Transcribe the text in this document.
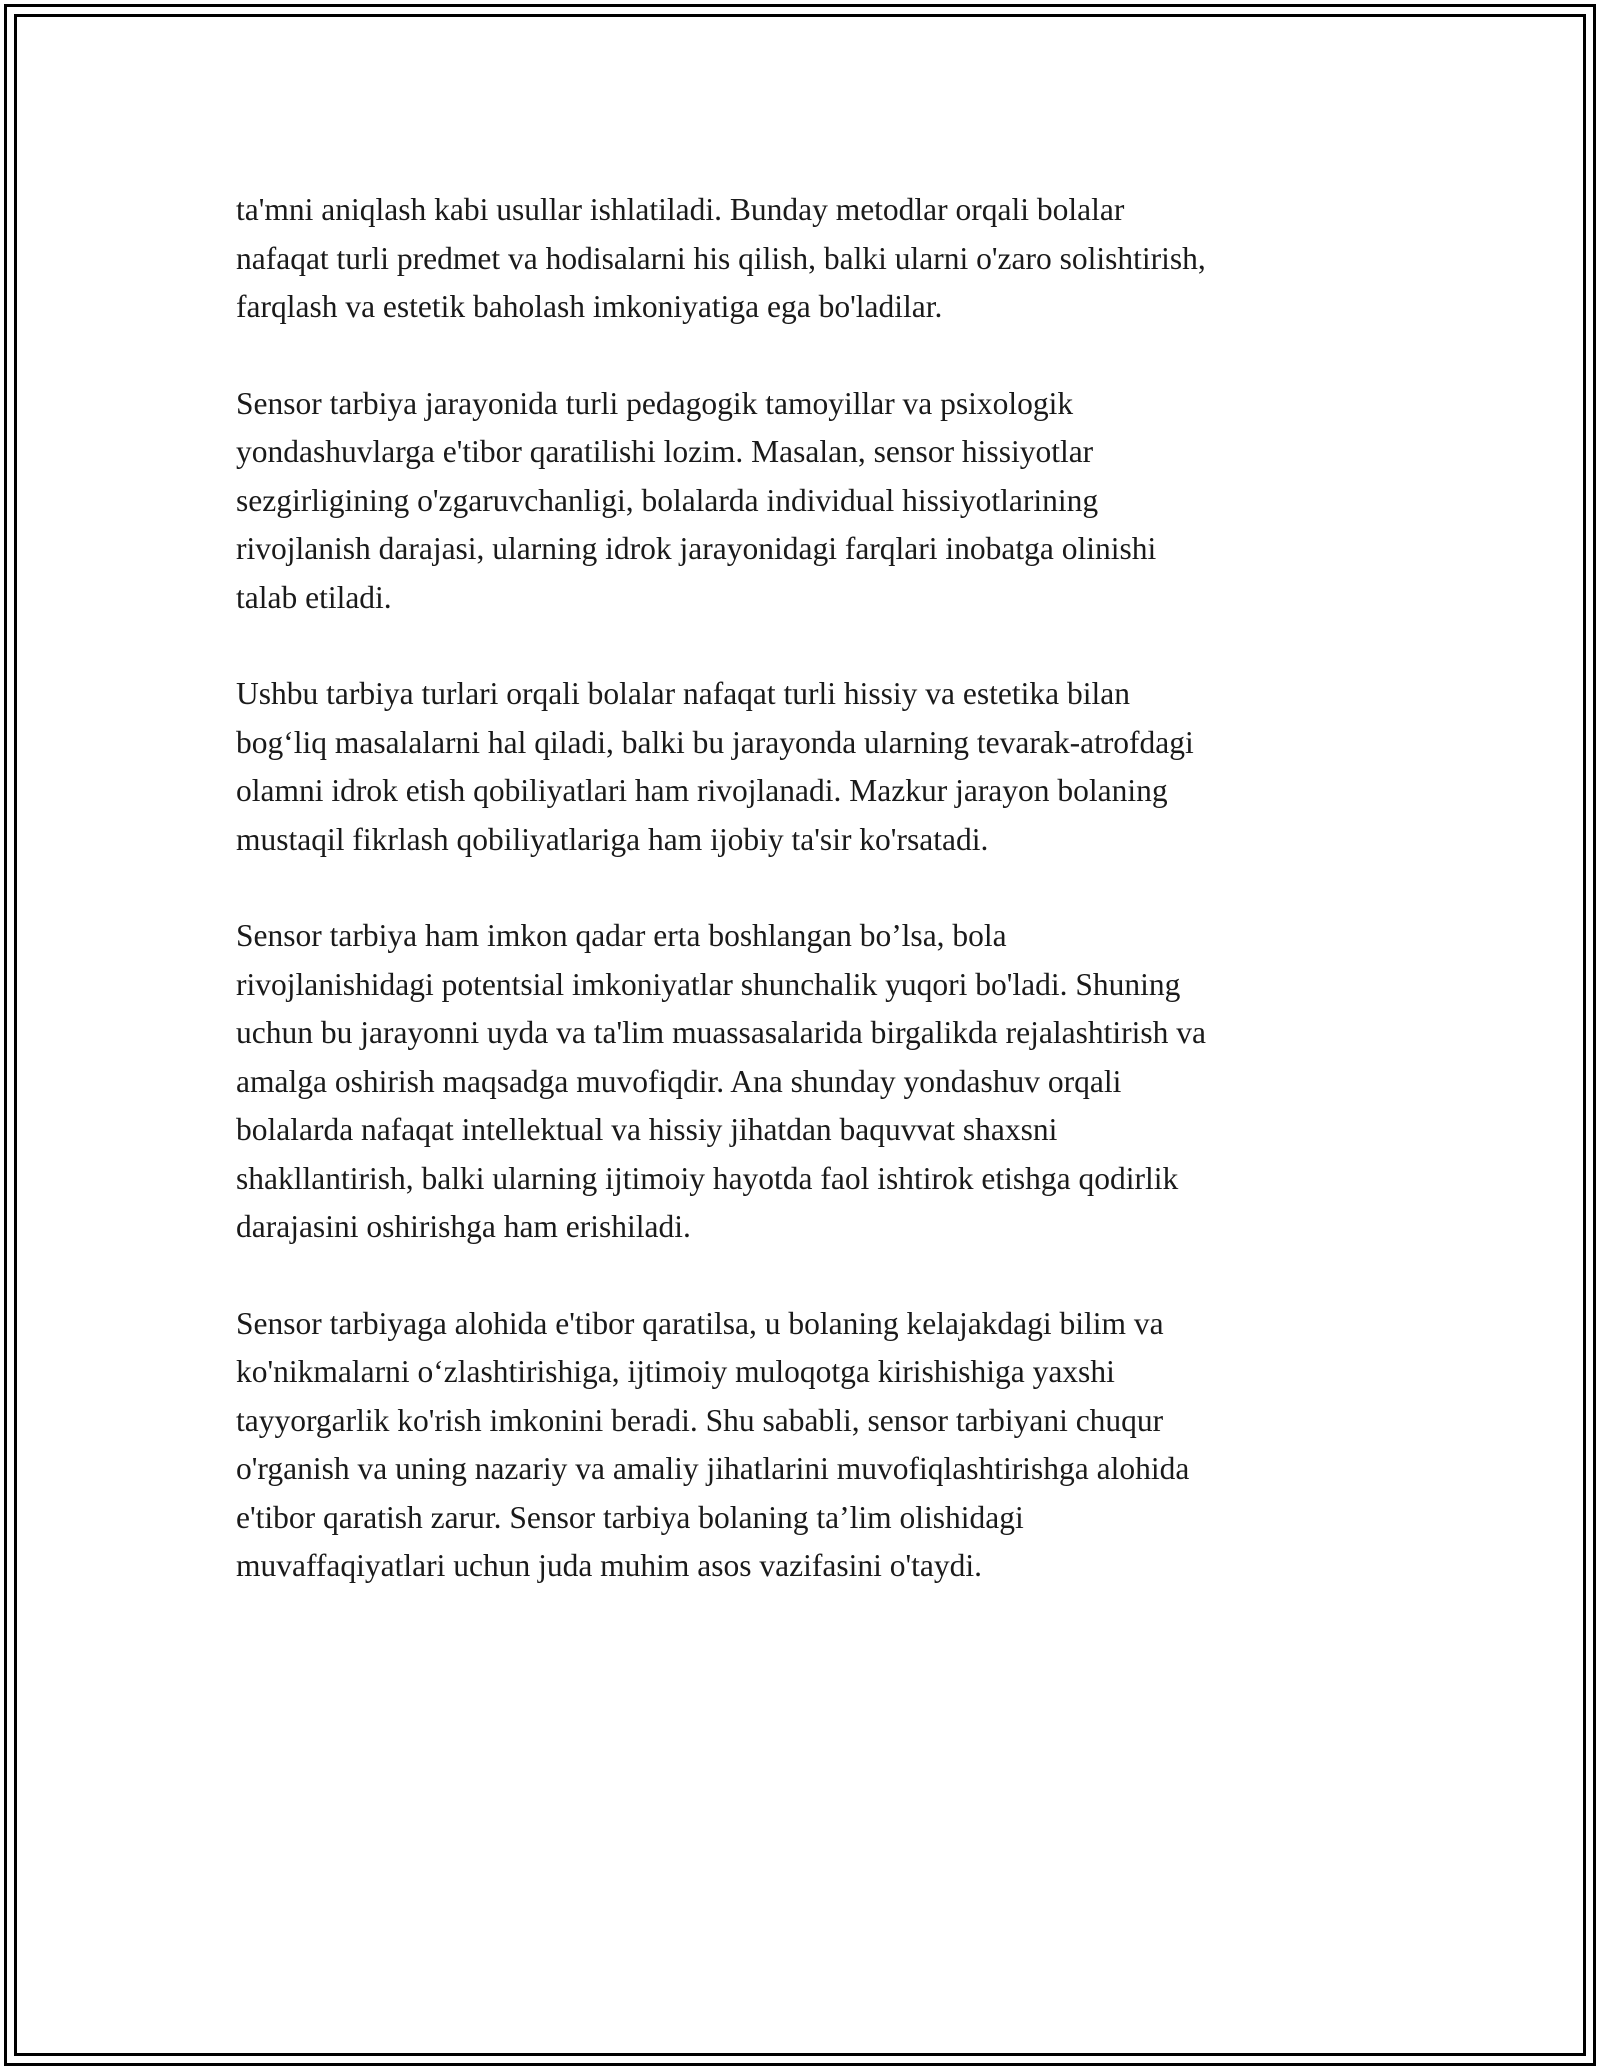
ta'mni aniqlash kabi usullar ishlatiladi. Bunday metodlar orqali bolalar
nafaqat turli predmet va hodisalarni his qilish, balki ularni o'zaro solishtirish,
farqlash va estetik baholash imkoniyatiga ega bo'ladilar.

Sensor tarbiya jarayonida turli pedagogik tamoyillar va psixologik
yondashuvlarga e'tibor qaratilishi lozim. Masalan, sensor hissiyotlar
sezgirligining o'zgaruvchanligi, bolalarda individual hissiyotlarining
rivojlanish darajasi, ularning idrok jarayonidagi farqlari inobatga olinishi
talab etiladi.

Ushbu tarbiya turlari orqali bolalar nafaqat turli hissiy va estetika bilan
bog‘liq masalalarni hal qiladi, balki bu jarayonda ularning tevarak-atrofdagi
olamni idrok etish qobiliyatlari ham rivojlanadi. Mazkur jarayon bolaning
mustaqil fikrlash qobiliyatlariga ham ijobiy ta'sir ko'rsatadi.

Sensor tarbiya ham imkon qadar erta boshlangan bo’lsa, bola
rivojlanishidagi potentsial imkoniyatlar shunchalik yuqori bo'ladi. Shuning
uchun bu jarayonni uyda va ta'lim muassasalarida birgalikda rejalashtirish va
amalga oshirish maqsadga muvofiqdir. Ana shunday yondashuv orqali
bolalarda nafaqat intellektual va hissiy jihatdan baquvvat shaxsni
shakllantirish, balki ularning ijtimoiy hayotda faol ishtirok etishga qodirlik
darajasini oshirishga ham erishiladi.

Sensor tarbiyaga alohida e'tibor qaratilsa, u bolaning kelajakdagi bilim va
ko'nikmalarni o‘zlashtirishiga, ijtimoiy muloqotga kirishishiga yaxshi
tayyorgarlik ko'rish imkonini beradi. Shu sababli, sensor tarbiyani chuqur
o'rganish va uning nazariy va amaliy jihatlarini muvofiqlashtirishga alohida
e'tibor qaratish zarur. Sensor tarbiya bolaning ta’lim olishidagi
muvaffaqiyatlari uchun juda muhim asos vazifasini o'taydi.
